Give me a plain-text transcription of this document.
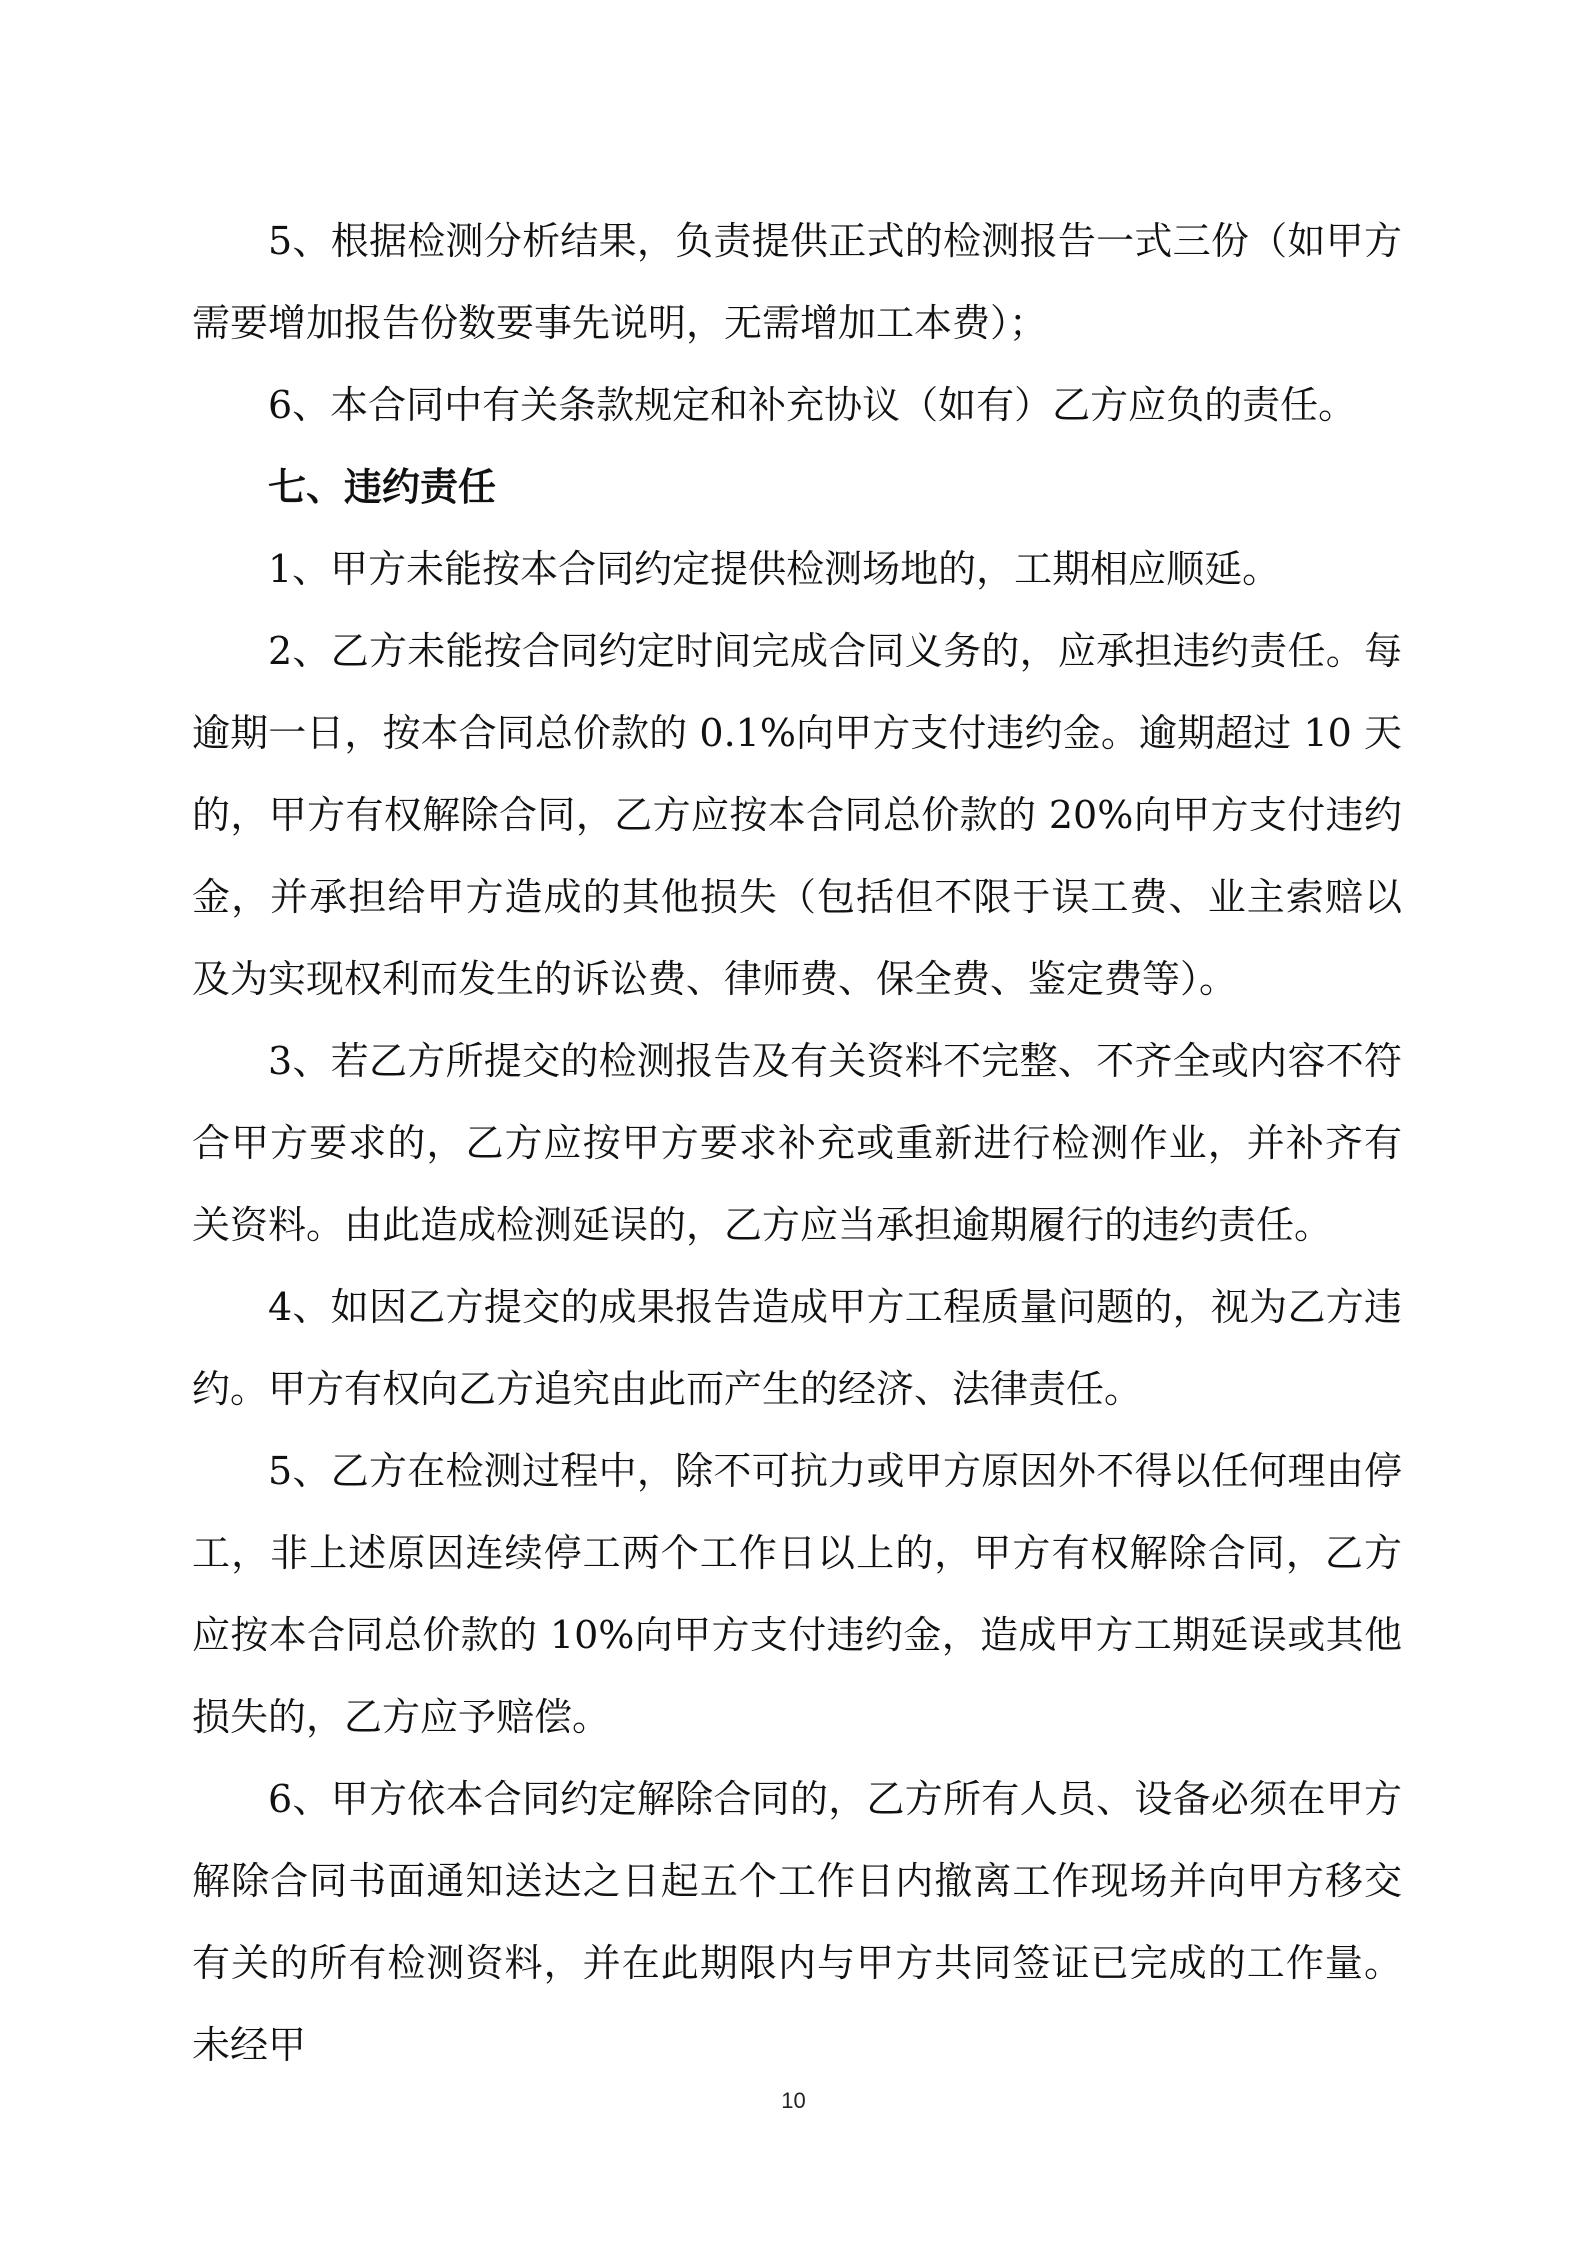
5、根据检测分析结果，负责提供正式的检测报告一式三份（如甲方需要增加报告份数要事先说明，无需增加工本费）；

6、本合同中有关条款规定和补充协议（如有）乙方应负的责任。

七、违约责任

1、甲方未能按本合同约定提供检测场地的，工期相应顺延。

2、乙方未能按合同约定时间完成合同义务的，应承担违约责任。每逾期一日，按本合同总价款的 0.1%向甲方支付违约金。逾期超过 10 天的，甲方有权解除合同，乙方应按本合同总价款的 20%向甲方支付违约金，并承担给甲方造成的其他损失（包括但不限于误工费、业主索赔以及为实现权利而发生的诉讼费、律师费、保全费、鉴定费等）。

3、若乙方所提交的检测报告及有关资料不完整、不齐全或内容不符合甲方要求的，乙方应按甲方要求补充或重新进行检测作业，并补齐有关资料。由此造成检测延误的，乙方应当承担逾期履行的违约责任。

4、如因乙方提交的成果报告造成甲方工程质量问题的，视为乙方违约。甲方有权向乙方追究由此而产生的经济、法律责任。

5、乙方在检测过程中，除不可抗力或甲方原因外不得以任何理由停工，非上述原因连续停工两个工作日以上的，甲方有权解除合同，乙方应按本合同总价款的 10%向甲方支付违约金，造成甲方工期延误或其他损失的，乙方应予赔偿。

6、甲方依本合同约定解除合同的，乙方所有人员、设备必须在甲方解除合同书面通知送达之日起五个工作日内撤离工作现场并向甲方移交有关的所有检测资料，并在此期限内与甲方共同签证已完成的工作量。未经甲

10
